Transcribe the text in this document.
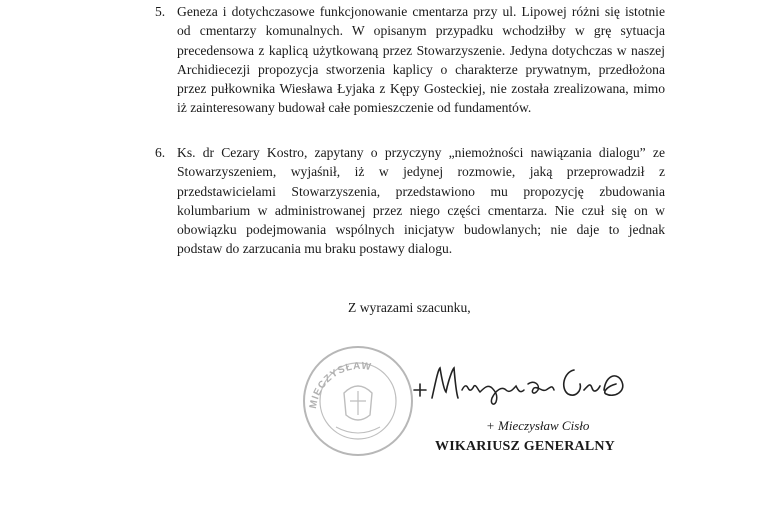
5. Geneza i dotychczasowe funkcjonowanie cmentarza przy ul. Lipowej różni się istotnie od cmentarzy komunalnych. W opisanym przypadku wchodziłby w grę sytuacja precedensowa z kaplicą użytkowaną przez Stowarzyszenie. Jedyna dotychczas w naszej Archidiecezji propozycja stworzenia kaplicy o charakterze prywatnym, przedłożona przez pułkownika Wiesława Łyjaka z Kępy Gosteckiej, nie została zrealizowana, mimo iż zainteresowany budował całe pomieszczenie od fundamentów.
6. Ks. dr Cezary Kostro, zapytany o przyczyny „niemożności nawiązania dialogu” ze Stowarzyszeniem, wyjaśnił, iż w jedynej rozmowie, jaką przeprowadził z przedstawicielami Stowarzyszenia, przedstawiono mu propozycję zbudowania kolumbarium w administrowanej przez niego części cmentarza. Nie czuł się on w obowiązku podejmowania wspólnych inicjatyw budowlanych; nie daje to jednak podstaw do zarzucania mu braku postawy dialogu.
Z wyrazami szacunku,
MIECZYSŁAW
+ Mieczysław Cisło
WIKARIUSZ GENERALNY
